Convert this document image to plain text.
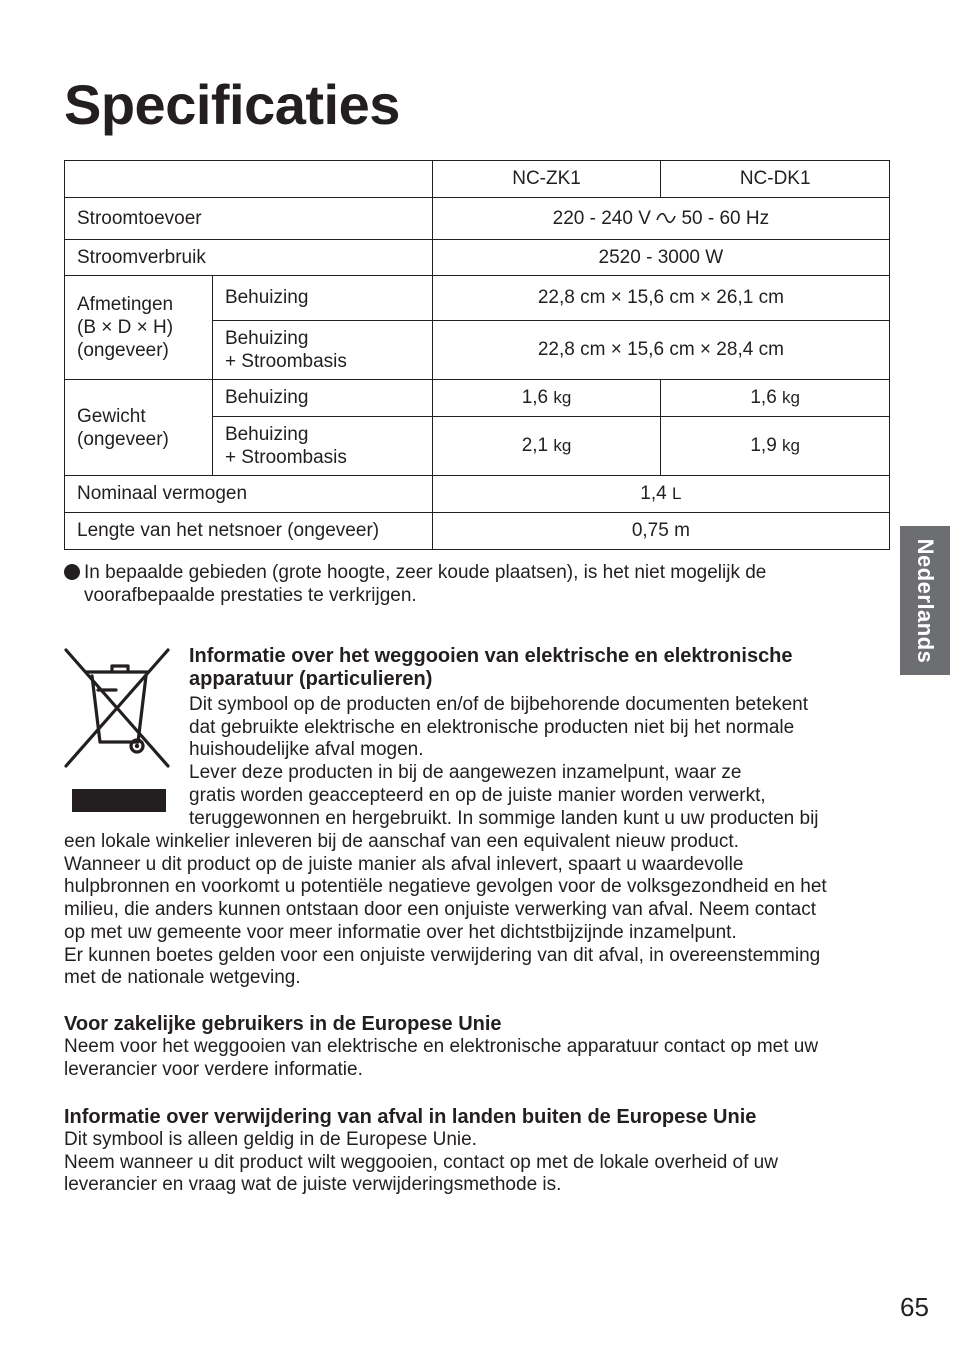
Specificaties
		NC-ZK1	NC-DK1
Stroomtoevoer		220 - 240 V 50 - 60 Hz	
Stroomverbruik		2520 - 3000 W	

Afmetingen
(B × D × H)
(ongeveer)	Behuizing	22,8 cm × 15,6 cm × 26,1 cm	

	Behuizing
+ Stroombasis	22,8 cm × 15,6 cm × 28,4 cm	

Gewicht
(ongeveer)	Behuizing	1,6 kg	1,6 kg

	Behuizing
+ Stroombasis	2,1 kg	1,9 kg
Nominaal vermogen		1,4 L	
Lengte van het netsnoer (ongeveer)		0,75 m	
In bepaalde gebieden (grote hoogte, zeer koude plaatsen), is het niet mogelijk de
voorafbepaalde prestaties te verkrijgen.	Nederlands
Informatie over het weggooien van elektrische en elektronische
apparatuur (particulieren)
Dit symbool op de producten en/of de bijbehorende documenten betekent
dat gebruikte elektrische en elektronische producten niet bij het normale
huishoudelijke afval mogen.
Lever deze producten in bij de aangewezen inzamelpunt, waar ze
gratis worden geaccepteerd en op de juiste manier worden verwerkt,
teruggewonnen en hergebruikt. In sommige landen kunt u uw producten bij
een lokale winkelier inleveren bij de aanschaf van een equivalent nieuw product.
Wanneer u dit product op de juiste manier als afval inlevert, spaart u waardevolle
hulpbronnen en voorkomt u potentiële negatieve gevolgen voor de volksgezondheid en het
milieu, die anders kunnen ontstaan door een onjuiste verwerking van afval. Neem contact
op met uw gemeente voor meer informatie over het dichtstbijzijnde inzamelpunt.
Er kunnen boetes gelden voor een onjuiste verwijdering van dit afval, in overeenstemming
met de nationale wetgeving.
Voor zakelijke gebruikers in de Europese Unie
Neem voor het weggooien van elektrische en elektronische apparatuur contact op met uw
leverancier voor verdere informatie.
Informatie over verwijdering van afval in landen buiten de Europese Unie
Dit symbool is alleen geldig in de Europese Unie.
Neem wanneer u dit product wilt weggooien, contact op met de lokale overheid of uw
leverancier en vraag wat de juiste verwijderingsmethode is.
65
